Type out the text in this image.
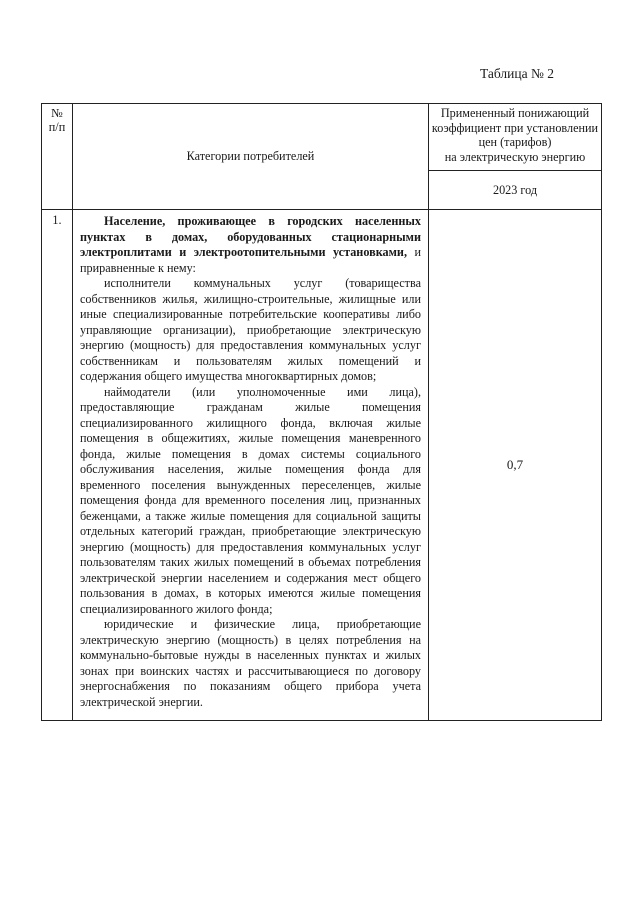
Таблица № 2
№
п/п	Категории потребителей	Примененный понижающий
коэффициент при установлении
цен (тарифов)
на электрическую энергию

		2023 год
1.	Население, проживающее в городских населенных пунктах в домах, оборудованных стационарными электроплитами и электроотопительными установками, и приравненные к нему:

исполнители коммунальных услуг (товарищества собственников жилья, жилищно-строительные, жилищные или иные специализированные потребительские кооперативы либо управляющие организации), приобретающие электрическую энергию (мощность) для предоставления коммунальных услуг собственникам и пользователям жилых помещений и содержания общего имущества многоквартирных домов;

наймодатели (или уполномоченные ими лица), предоставляющие гражданам жилые помещения специализированного жилищного фонда, включая жилые помещения в общежитиях, жилые помещения маневренного фонда, жилые помещения в домах системы социального обслуживания населения, жилые помещения фонда для временного поселения вынужденных переселенцев, жилые помещения фонда для временного поселения лиц, признанных беженцами, а также жилые помещения для социальной защиты отдельных категорий граждан, приобретающие электрическую энергию (мощность) для предоставления коммунальных услуг пользователям таких жилых помещений в объемах потребления электрической энергии населением и содержания мест общего пользования в домах, в которых имеются жилые помещения специализированного жилого фонда;

юридические и физические лица, приобретающие электрическую энергию (мощность) в целях потребления на коммунально-бытовые нужды в населенных пунктах и жилых зонах при воинских частях и рассчитывающиеся по договору энергоснабжения по показаниям общего прибора учета электрической энергии.	0,7
